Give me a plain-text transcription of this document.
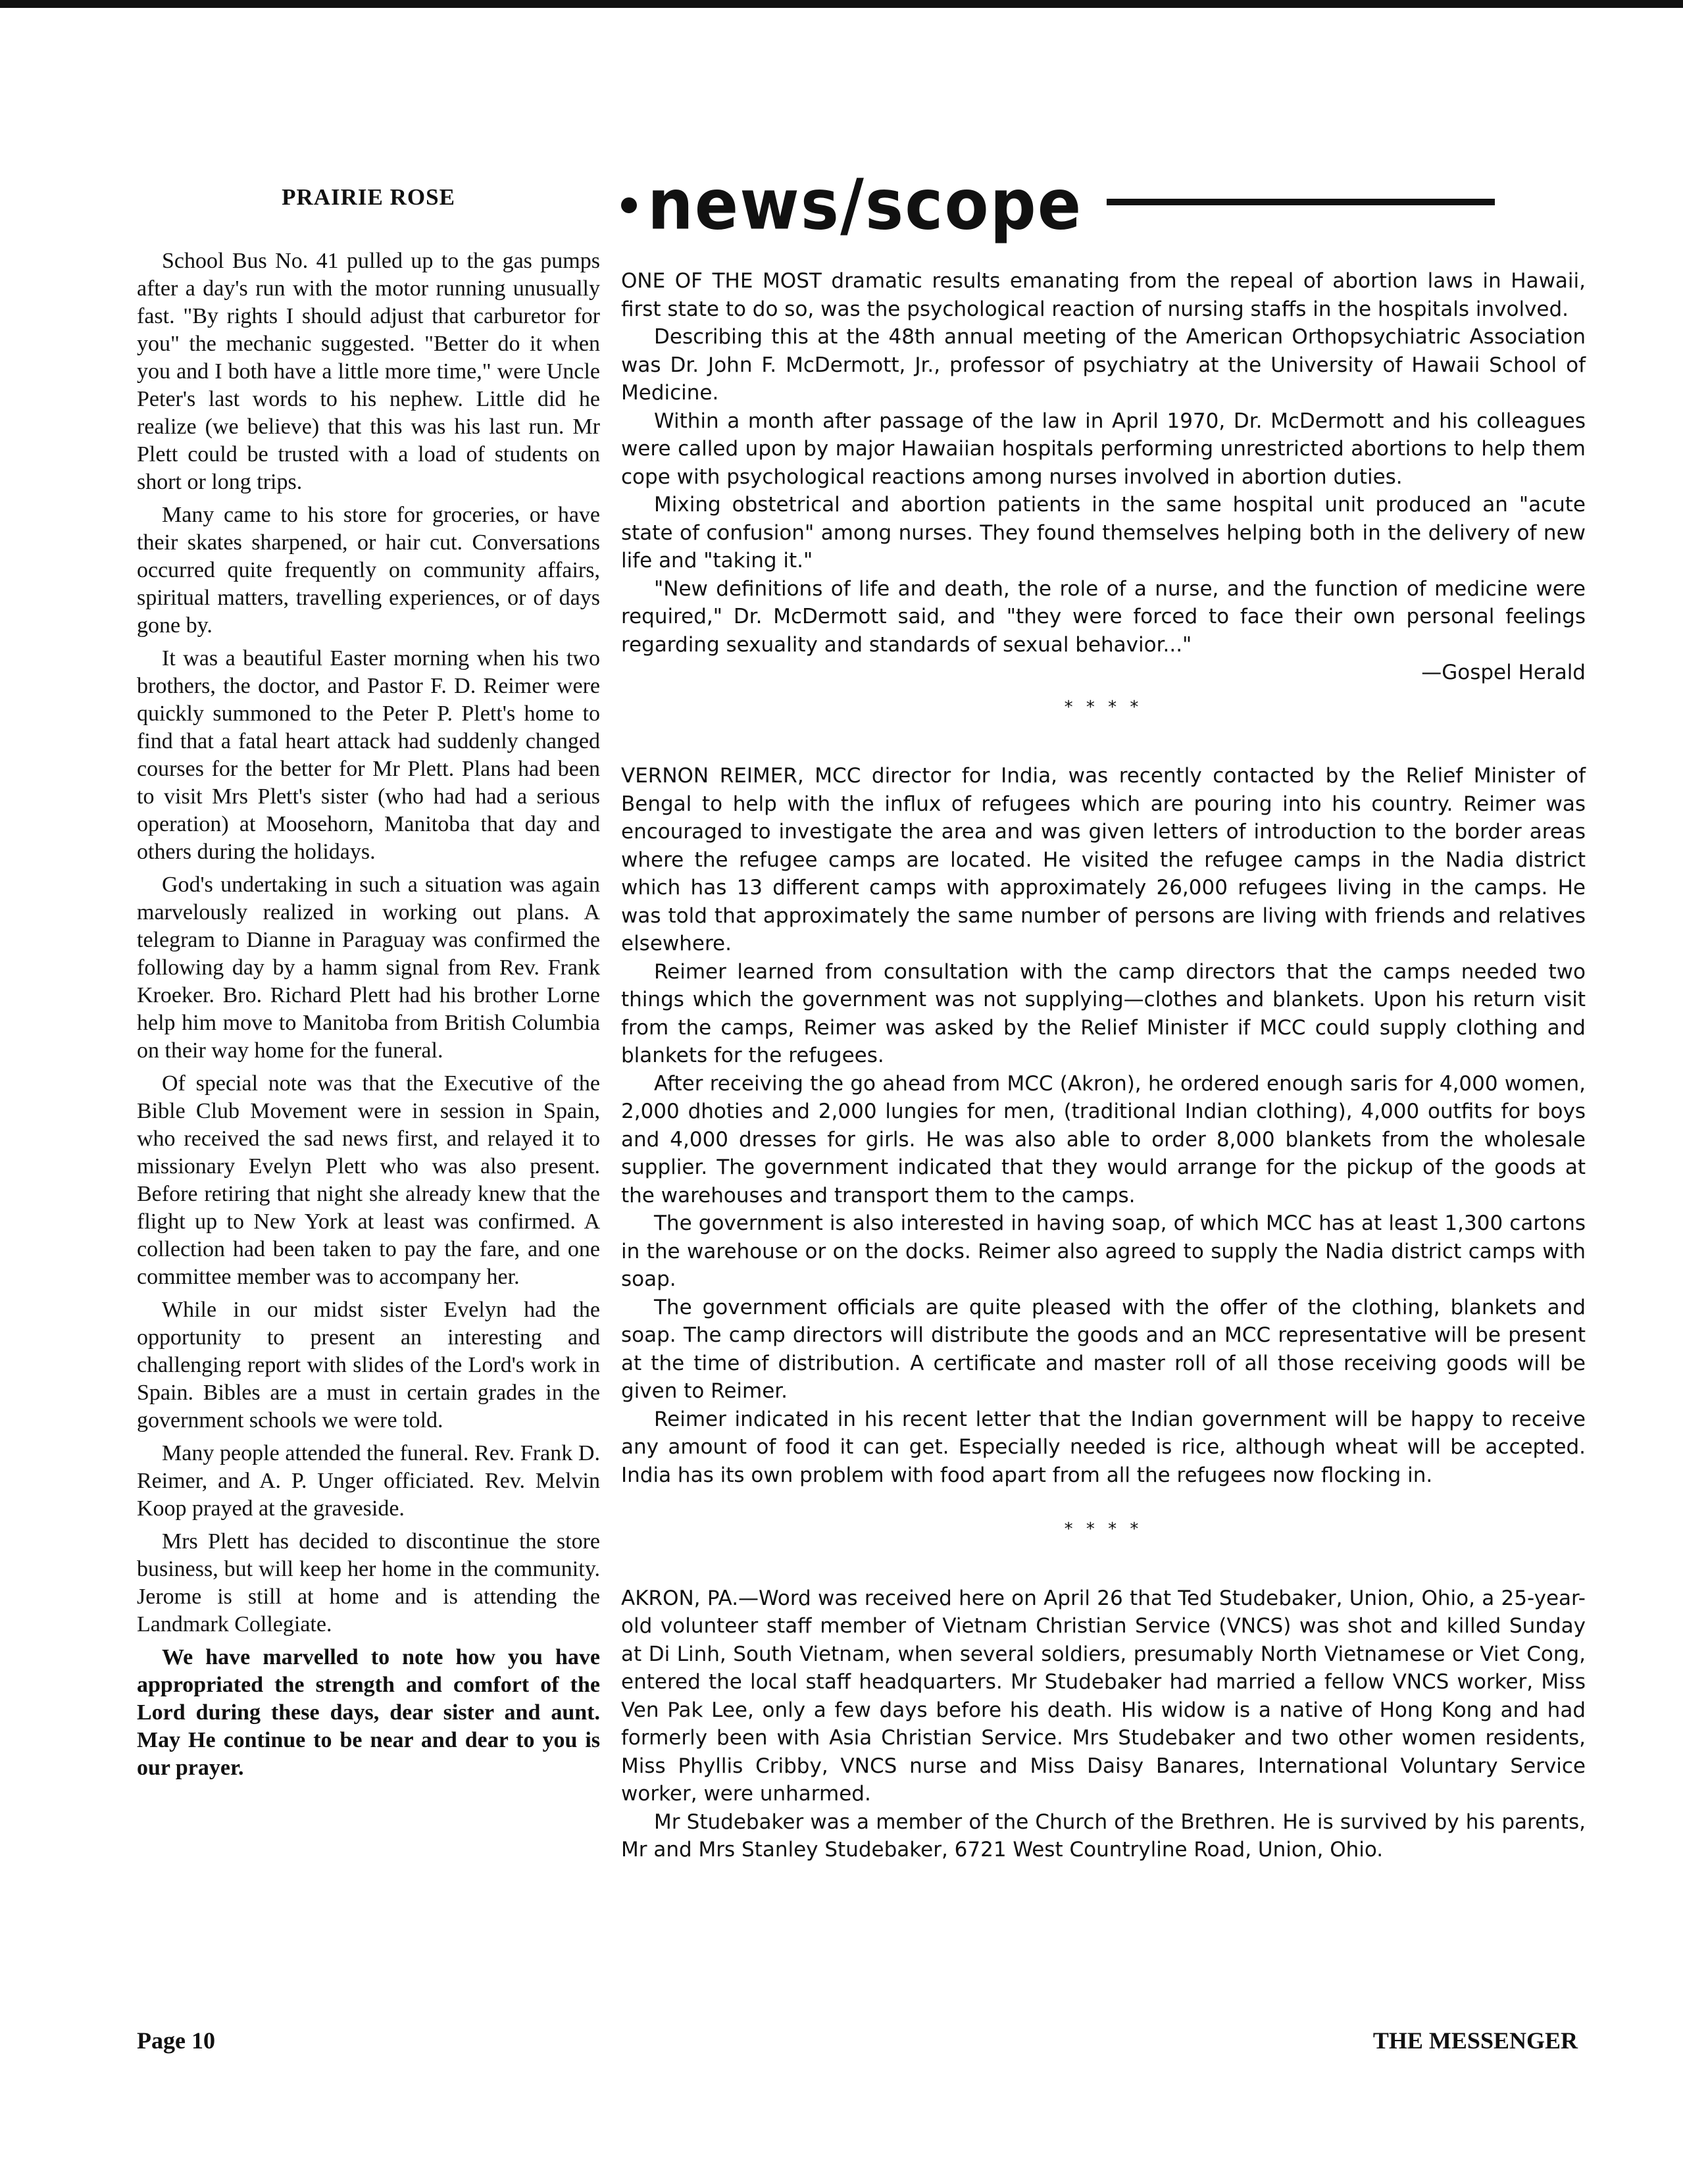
PRAIRIE ROSE

School Bus No. 41 pulled up to the gas pumps after a day's run with the motor running unusually fast. "By rights I should adjust that carburetor for you" the mechanic suggested. "Better do it when you and I both have a little more time," were Uncle Peter's last words to his nephew. Little did he realize (we believe) that this was his last run. Mr Plett could be trusted with a load of students on short or long trips.

Many came to his store for groceries, or have their skates sharpened, or hair cut. Conversations occurred quite frequently on community affairs, spiritual matters, travelling experiences, or of days gone by.

It was a beautiful Easter morning when his two brothers, the doctor, and Pastor F. D. Reimer were quickly summoned to the Peter P. Plett's home to find that a fatal heart attack had suddenly changed courses for the better for Mr Plett. Plans had been to visit Mrs Plett's sister (who had had a serious operation) at Moosehorn, Manitoba that day and others during the holidays.

God's undertaking in such a situation was again marvelously realized in working out plans. A telegram to Dianne in Paraguay was confirmed the following day by a hamm signal from Rev. Frank Kroeker. Bro. Richard Plett had his brother Lorne help him move to Manitoba from British Columbia on their way home for the funeral.

Of special note was that the Executive of the Bible Club Movement were in session in Spain, who received the sad news first, and relayed it to missionary Evelyn Plett who was also present. Before retiring that night she already knew that the flight up to New York at least was confirmed. A collection had been taken to pay the fare, and one committee member was to accompany her.

While in our midst sister Evelyn had the opportunity to present an interesting and challenging report with slides of the Lord's work in Spain. Bibles are a must in certain grades in the government schools we were told.

Many people attended the funeral. Rev. Frank D. Reimer, and A. P. Unger officiated. Rev. Melvin Koop prayed at the graveside.

Mrs Plett has decided to discontinue the store business, but will keep her home in the community. Jerome is still at home and is attending the Landmark Collegiate.

We have marvelled to note how you have appropriated the strength and comfort of the Lord during these days, dear sister and aunt. May He continue to be near and dear to you is our prayer.

news/scope

ONE OF THE MOST dramatic results emanating from the repeal of abortion laws in Hawaii, first state to do so, was the psychological reaction of nursing staffs in the hospitals involved.

Describing this at the 48th annual meeting of the American Orthopsychiatric Association was Dr. John F. McDermott, Jr., professor of psychiatry at the University of Hawaii School of Medicine.

Within a month after passage of the law in April 1970, Dr. McDermott and his colleagues were called upon by major Hawaiian hospitals performing unrestricted abortions to help them cope with psychological reactions among nurses involved in abortion duties.

Mixing obstetrical and abortion patients in the same hospital unit produced an "acute state of confusion" among nurses. They found themselves helping both in the delivery of new life and "taking it."

"New definitions of life and death, the role of a nurse, and the function of medicine were required," Dr. McDermott said, and "they were forced to face their own personal feelings regarding sexuality and standards of sexual behavior..."

—Gospel Herald
* * * *

VERNON REIMER, MCC director for India, was recently contacted by the Relief Minister of Bengal to help with the influx of refugees which are pouring into his country. Reimer was encouraged to investigate the area and was given letters of introduction to the border areas where the refugee camps are located. He visited the refugee camps in the Nadia district which has 13 different camps with approximately 26,000 refugees living in the camps. He was told that approximately the same number of persons are living with friends and relatives elsewhere.

Reimer learned from consultation with the camp directors that the camps needed two things which the government was not supplying—clothes and blankets. Upon his return visit from the camps, Reimer was asked by the Relief Minister if MCC could supply clothing and blankets for the refugees.

After receiving the go ahead from MCC (Akron), he ordered enough saris for 4,000 women, 2,000 dhoties and 2,000 lungies for men, (traditional Indian clothing), 4,000 outfits for boys and 4,000 dresses for girls. He was also able to order 8,000 blankets from the wholesale supplier. The government indicated that they would arrange for the pickup of the goods at the warehouses and transport them to the camps.

The government is also interested in having soap, of which MCC has at least 1,300 cartons in the warehouse or on the docks. Reimer also agreed to supply the Nadia district camps with soap.

The government officials are quite pleased with the offer of the clothing, blankets and soap. The camp directors will distribute the goods and an MCC representative will be present at the time of distribution. A certificate and master roll of all those receiving goods will be given to Reimer.

Reimer indicated in his recent letter that the Indian government will be happy to receive any amount of food it can get. Especially needed is rice, although wheat will be accepted. India has its own problem with food apart from all the refugees now flocking in.

* * * *

AKRON, PA.—Word was received here on April 26 that Ted Studebaker, Union, Ohio, a 25-year-old volunteer staff member of Vietnam Christian Service (VNCS) was shot and killed Sunday at Di Linh, South Vietnam, when several soldiers, presumably North Vietnamese or Viet Cong, entered the local staff headquarters. Mr Studebaker had married a fellow VNCS worker, Miss Ven Pak Lee, only a few days before his death. His widow is a native of Hong Kong and had formerly been with Asia Christian Service. Mrs Studebaker and two other women residents, Miss Phyllis Cribby, VNCS nurse and Miss Daisy Banares, International Voluntary Service worker, were unharmed.

Mr Studebaker was a member of the Church of the Brethren. He is survived by his parents, Mr and Mrs Stanley Studebaker, 6721 West Countryline Road, Union, Ohio.

Page 10	THE MESSENGER
